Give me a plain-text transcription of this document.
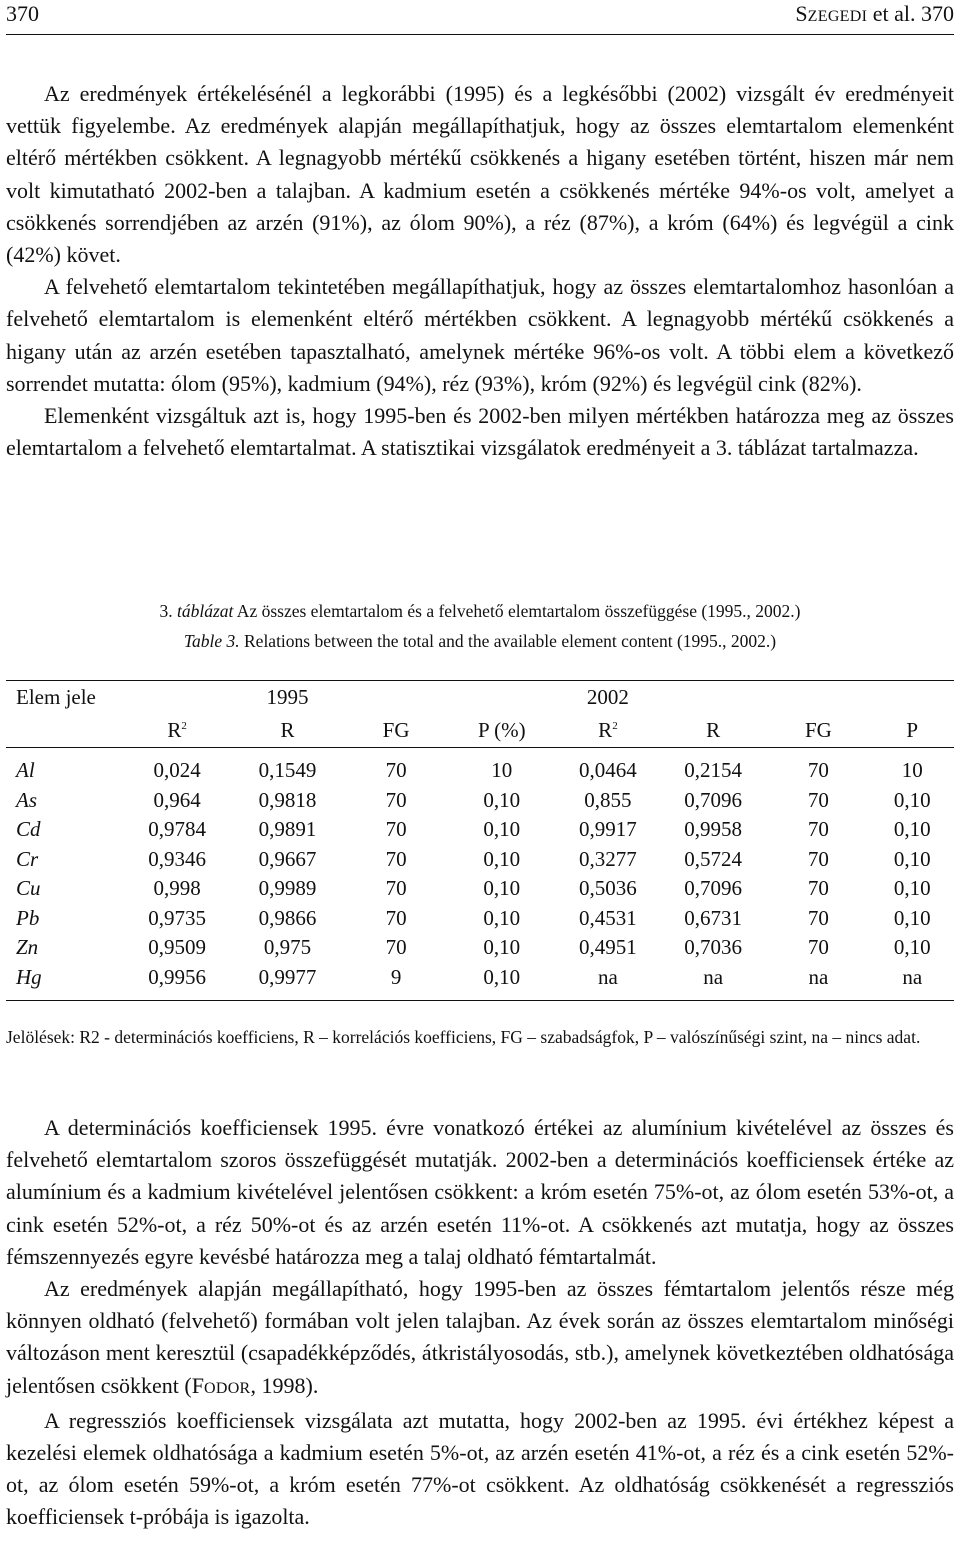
370	SZEGEDI et al. 370

Az eredmények értékelésénél a legkorábbi (1995) és a legkésőbbi (2002) vizsgált év eredményeit vettük figyelembe. Az eredmények alapján megállapíthatjuk, hogy az összes elemtartalom elemenként eltérő mértékben csökkent. A legnagyobb mértékű csökkenés a higany esetében történt, hiszen már nem volt kimutatható 2002-ben a talajban. A kadmium esetén a csökkenés mértéke 94%-os volt, amelyet a csökkenés sorrendjében az arzén (91%), az ólom 90%), a réz (87%), a króm (64%) és legvégül a cink (42%) követ.

A felvehető elemtartalom tekintetében megállapíthatjuk, hogy az összes elemtartalomhoz hasonlóan a felvehető elemtartalom is elemenként eltérő mértékben csökkent. A legnagyobb mértékű csökkenés a higany után az arzén esetében tapasztalható, amelynek mértéke 96%-os volt. A többi elem a következő sorrendet mutatta: ólom (95%), kadmium (94%), réz (93%), króm (92%) és legvégül cink (82%).

Elemenként vizsgáltuk azt is, hogy 1995-ben és 2002-ben milyen mértékben határozza meg az összes elemtartalom a felvehető elemtartalmat. A statisztikai vizsgálatok eredményeit a 3. táblázat tartalmazza.

3. táblázat Az összes elemtartalom és a felvehető elemtartalom összefüggése (1995., 2002.)
Table 3. Relations between the total and the available element content (1995., 2002.)
Elem jele		1995			2002			
	$R^2$	R	FG	P (%)	$R^2$	R	FG	P
Al	0,024	0,1549	70	10	0,0464	0,2154	70	10
As	0,964	0,9818	70	0,10	0,855	0,7096	70	0,10
Cd	0,9784	0,9891	70	0,10	0,9917	0,9958	70	0,10
Cr	0,9346	0,9667	70	0,10	0,3277	0,5724	70	0,10
Cu	0,998	0,9989	70	0,10	0,5036	0,7096	70	0,10
Pb	0,9735	0,9866	70	0,10	0,4531	0,6731	70	0,10
Zn	0,9509	0,975	70	0,10	0,4951	0,7036	70	0,10
Hg	0,9956	0,9977	9	0,10	na	na	na	na
Jelölések: R2 - determinációs koefficiens, R – korrelációs koefficiens, FG – szabadságfok, P – valószínűségi szint, na – nincs adat.

A determinációs koefficiensek 1995. évre vonatkozó értékei az alumínium kivételével az összes és felvehető elemtartalom szoros összefüggését mutatják. 2002-ben a determinációs koefficiensek értéke az alumínium és a kadmium kivételével jelentősen csökkent: a króm esetén 75%-ot, az ólom esetén 53%-ot, a cink esetén 52%-ot, a réz 50%-ot és az arzén esetén 11%-ot. A csökkenés azt mutatja, hogy az összes fémszennyezés egyre kevésbé határozza meg a talaj oldható fémtartalmát.

Az eredmények alapján megállapítható, hogy 1995-ben az összes fémtartalom jelentős része még könnyen oldható (felvehető) formában volt jelen talajban. Az évek során az összes elemtartalom minőségi változáson ment keresztül (csapadékképződés, átkristályosodás, stb.), amelynek következtében oldhatósága jelentősen csökkent (FODOR, 1998).

A regressziós koefficiensek vizsgálata azt mutatta, hogy 2002-ben az 1995. évi értékhez képest a kezelési elemek oldhatósága a kadmium esetén 5%-ot, az arzén esetén 41%-ot, a réz és a cink esetén 52%-ot, az ólom esetén 59%-ot, a króm esetén 77%-ot csökkent. Az oldhatóság csökkenését a regressziós koefficiensek t-próbája is igazolta.
